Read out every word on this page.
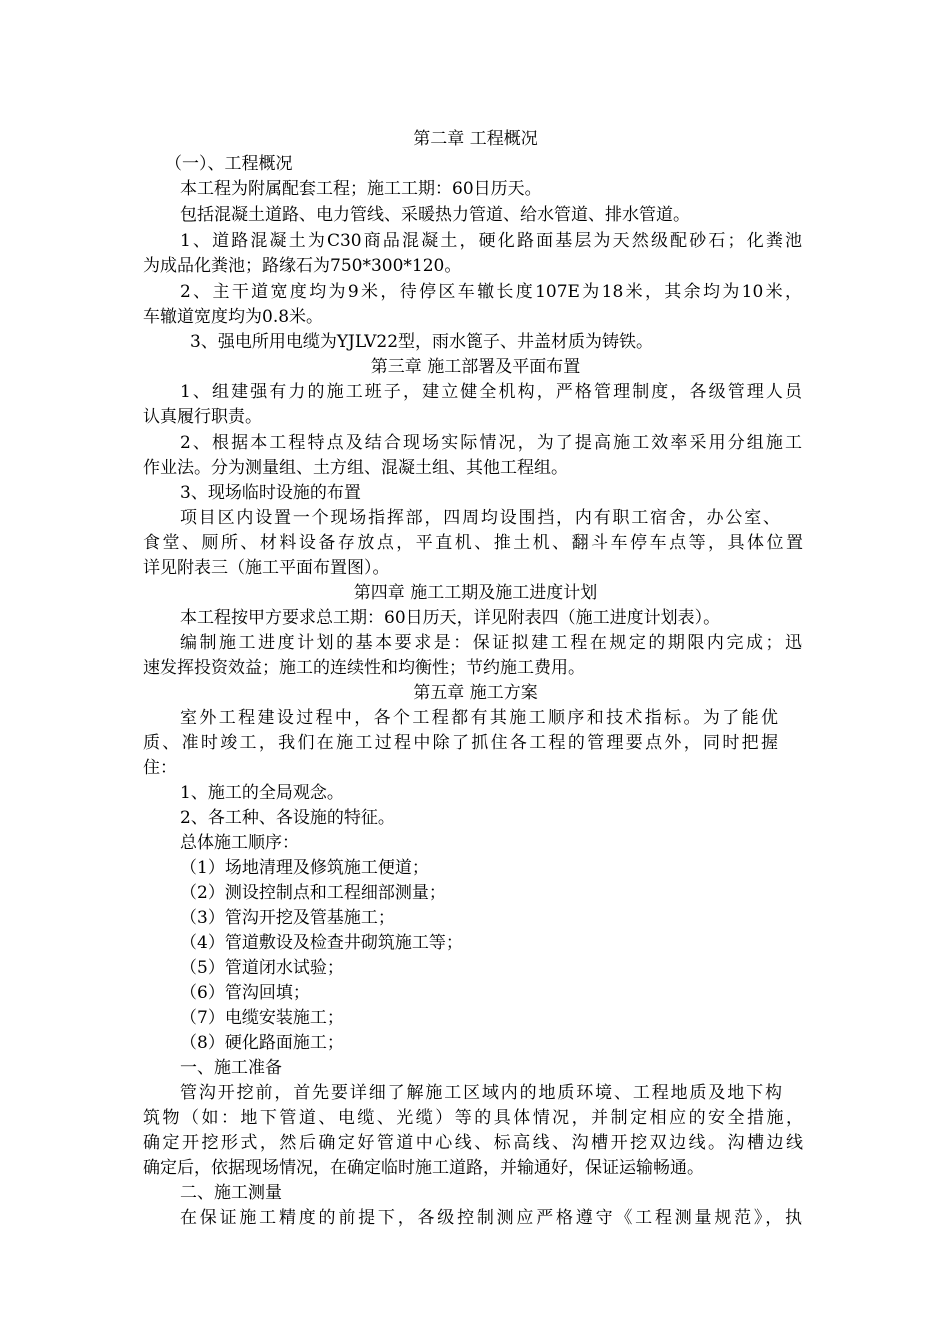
第二章 工程概况
（一）、工程概况
本工程为附属配套工程；施工工期：60日历天。
包括混凝土道路、电力管线、采暖热力管道、给水管道、排水管道。
1、道路混凝土为C30商品混凝土，硬化路面基层为天然级配砂石；化粪池
为成品化粪池；路缘石为750*300*120。
2、主干道宽度均为9米，待停区车辙长度107E为18米，其余均为10米，
车辙道宽度均为0.8米。
3、强电所用电缆为YJLV22型，雨水篦子、井盖材质为铸铁。
第三章 施工部署及平面布置
1、组建强有力的施工班子，建立健全机构，严格管理制度，各级管理人员
认真履行职责。
2、根据本工程特点及结合现场实际情况，为了提高施工效率采用分组施工
作业法。分为测量组、土方组、混凝土组、其他工程组。
3、现场临时设施的布置
项目区内设置一个现场指挥部，四周均设围挡，内有职工宿舍，办公室、
食堂、厕所、材料设备存放点，平直机、推土机、翻斗车停车点等，具体位置
详见附表三（施工平面布置图）。
第四章 施工工期及施工进度计划
本工程按甲方要求总工期：60日历天，详见附表四（施工进度计划表）。
编制施工进度计划的基本要求是：保证拟建工程在规定的期限内完成；迅
速发挥投资效益；施工的连续性和均衡性；节约施工费用。
第五章 施工方案
室外工程建设过程中，各个工程都有其施工顺序和技术指标。为了能优
质、准时竣工，我们在施工过程中除了抓住各工程的管理要点外，同时把握
住：
1、施工的全局观念。
2、各工种、各设施的特征。
总体施工顺序：
（1）场地清理及修筑施工便道；
（2）测设控制点和工程细部测量；
（3）管沟开挖及管基施工；
（4）管道敷设及检查井砌筑施工等；
（5）管道闭水试验；
（6）管沟回填；
（7）电缆安装施工；
（8）硬化路面施工；
一、施工准备
管沟开挖前，首先要详细了解施工区域内的地质环境、工程地质及地下构
筑物（如：地下管道、电缆、光缆）等的具体情况，并制定相应的安全措施，
确定开挖形式，然后确定好管道中心线、标高线、沟槽开挖双边线。沟槽边线
确定后，依据现场情况，在确定临时施工道路，并输通好，保证运输畅通。
二、施工测量
在保证施工精度的前提下，各级控制测应严格遵守《工程测量规范》，执
